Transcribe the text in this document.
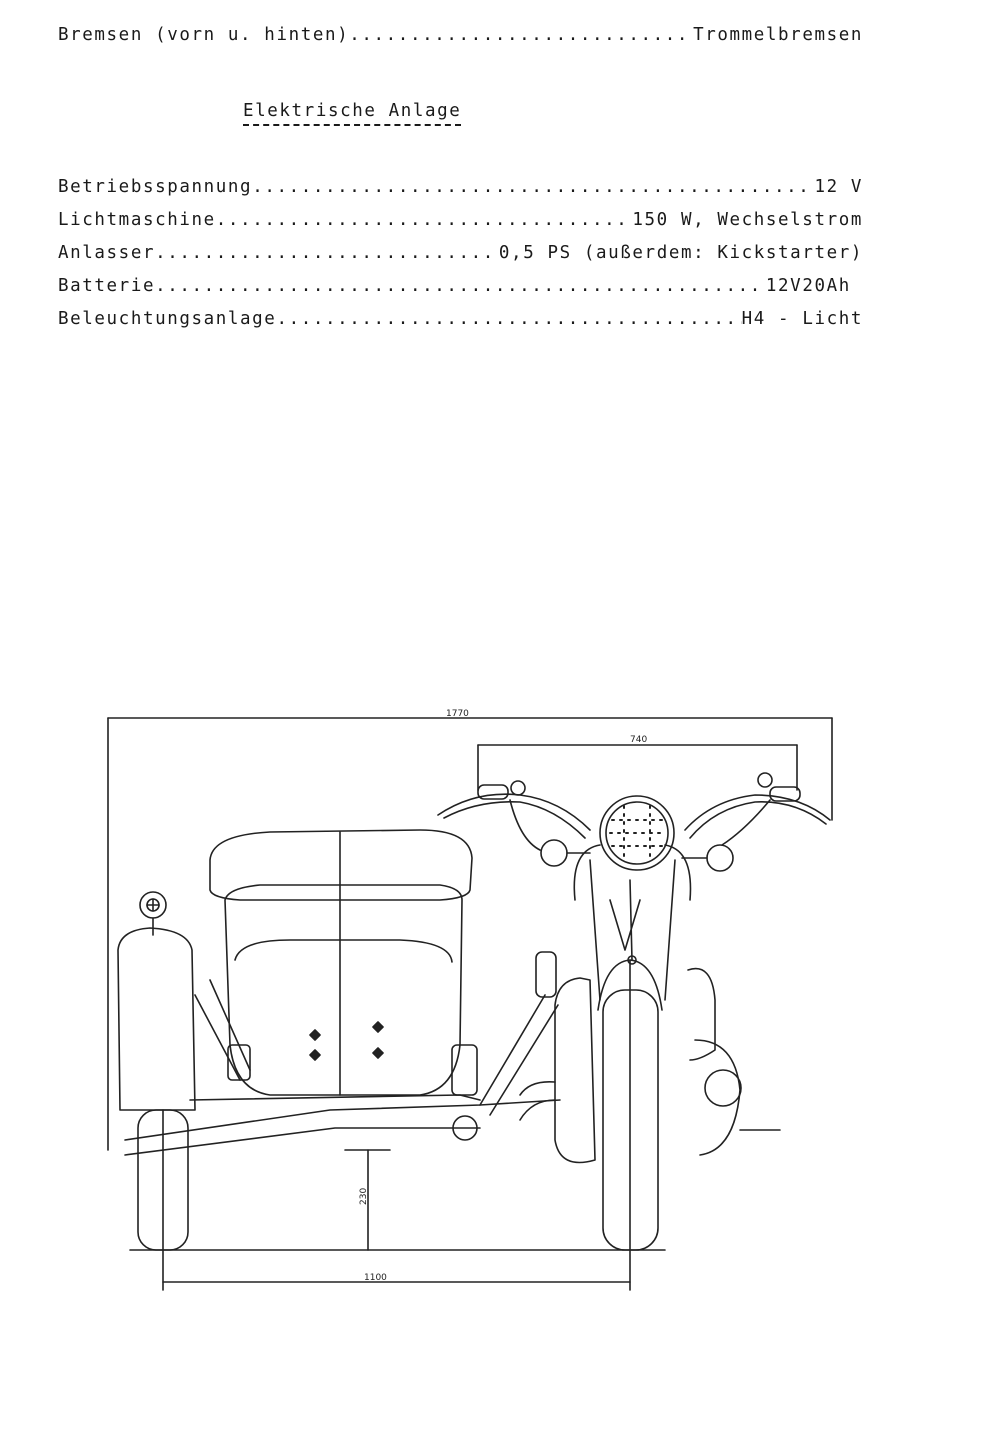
Bremsen (vorn u. hinten) .....	Trommelbremsen
Elektrische Anlage
Betriebsspannung .....	12 V
Lichtmaschine .....	150 W, Wechselstrom
Anlasser .....	0,5 PS (außerdem: Kickstarter)
Batterie .....	12V20Ah
Beleuchtungsanlage .....	H4 - Licht
1770
740
230
1100
